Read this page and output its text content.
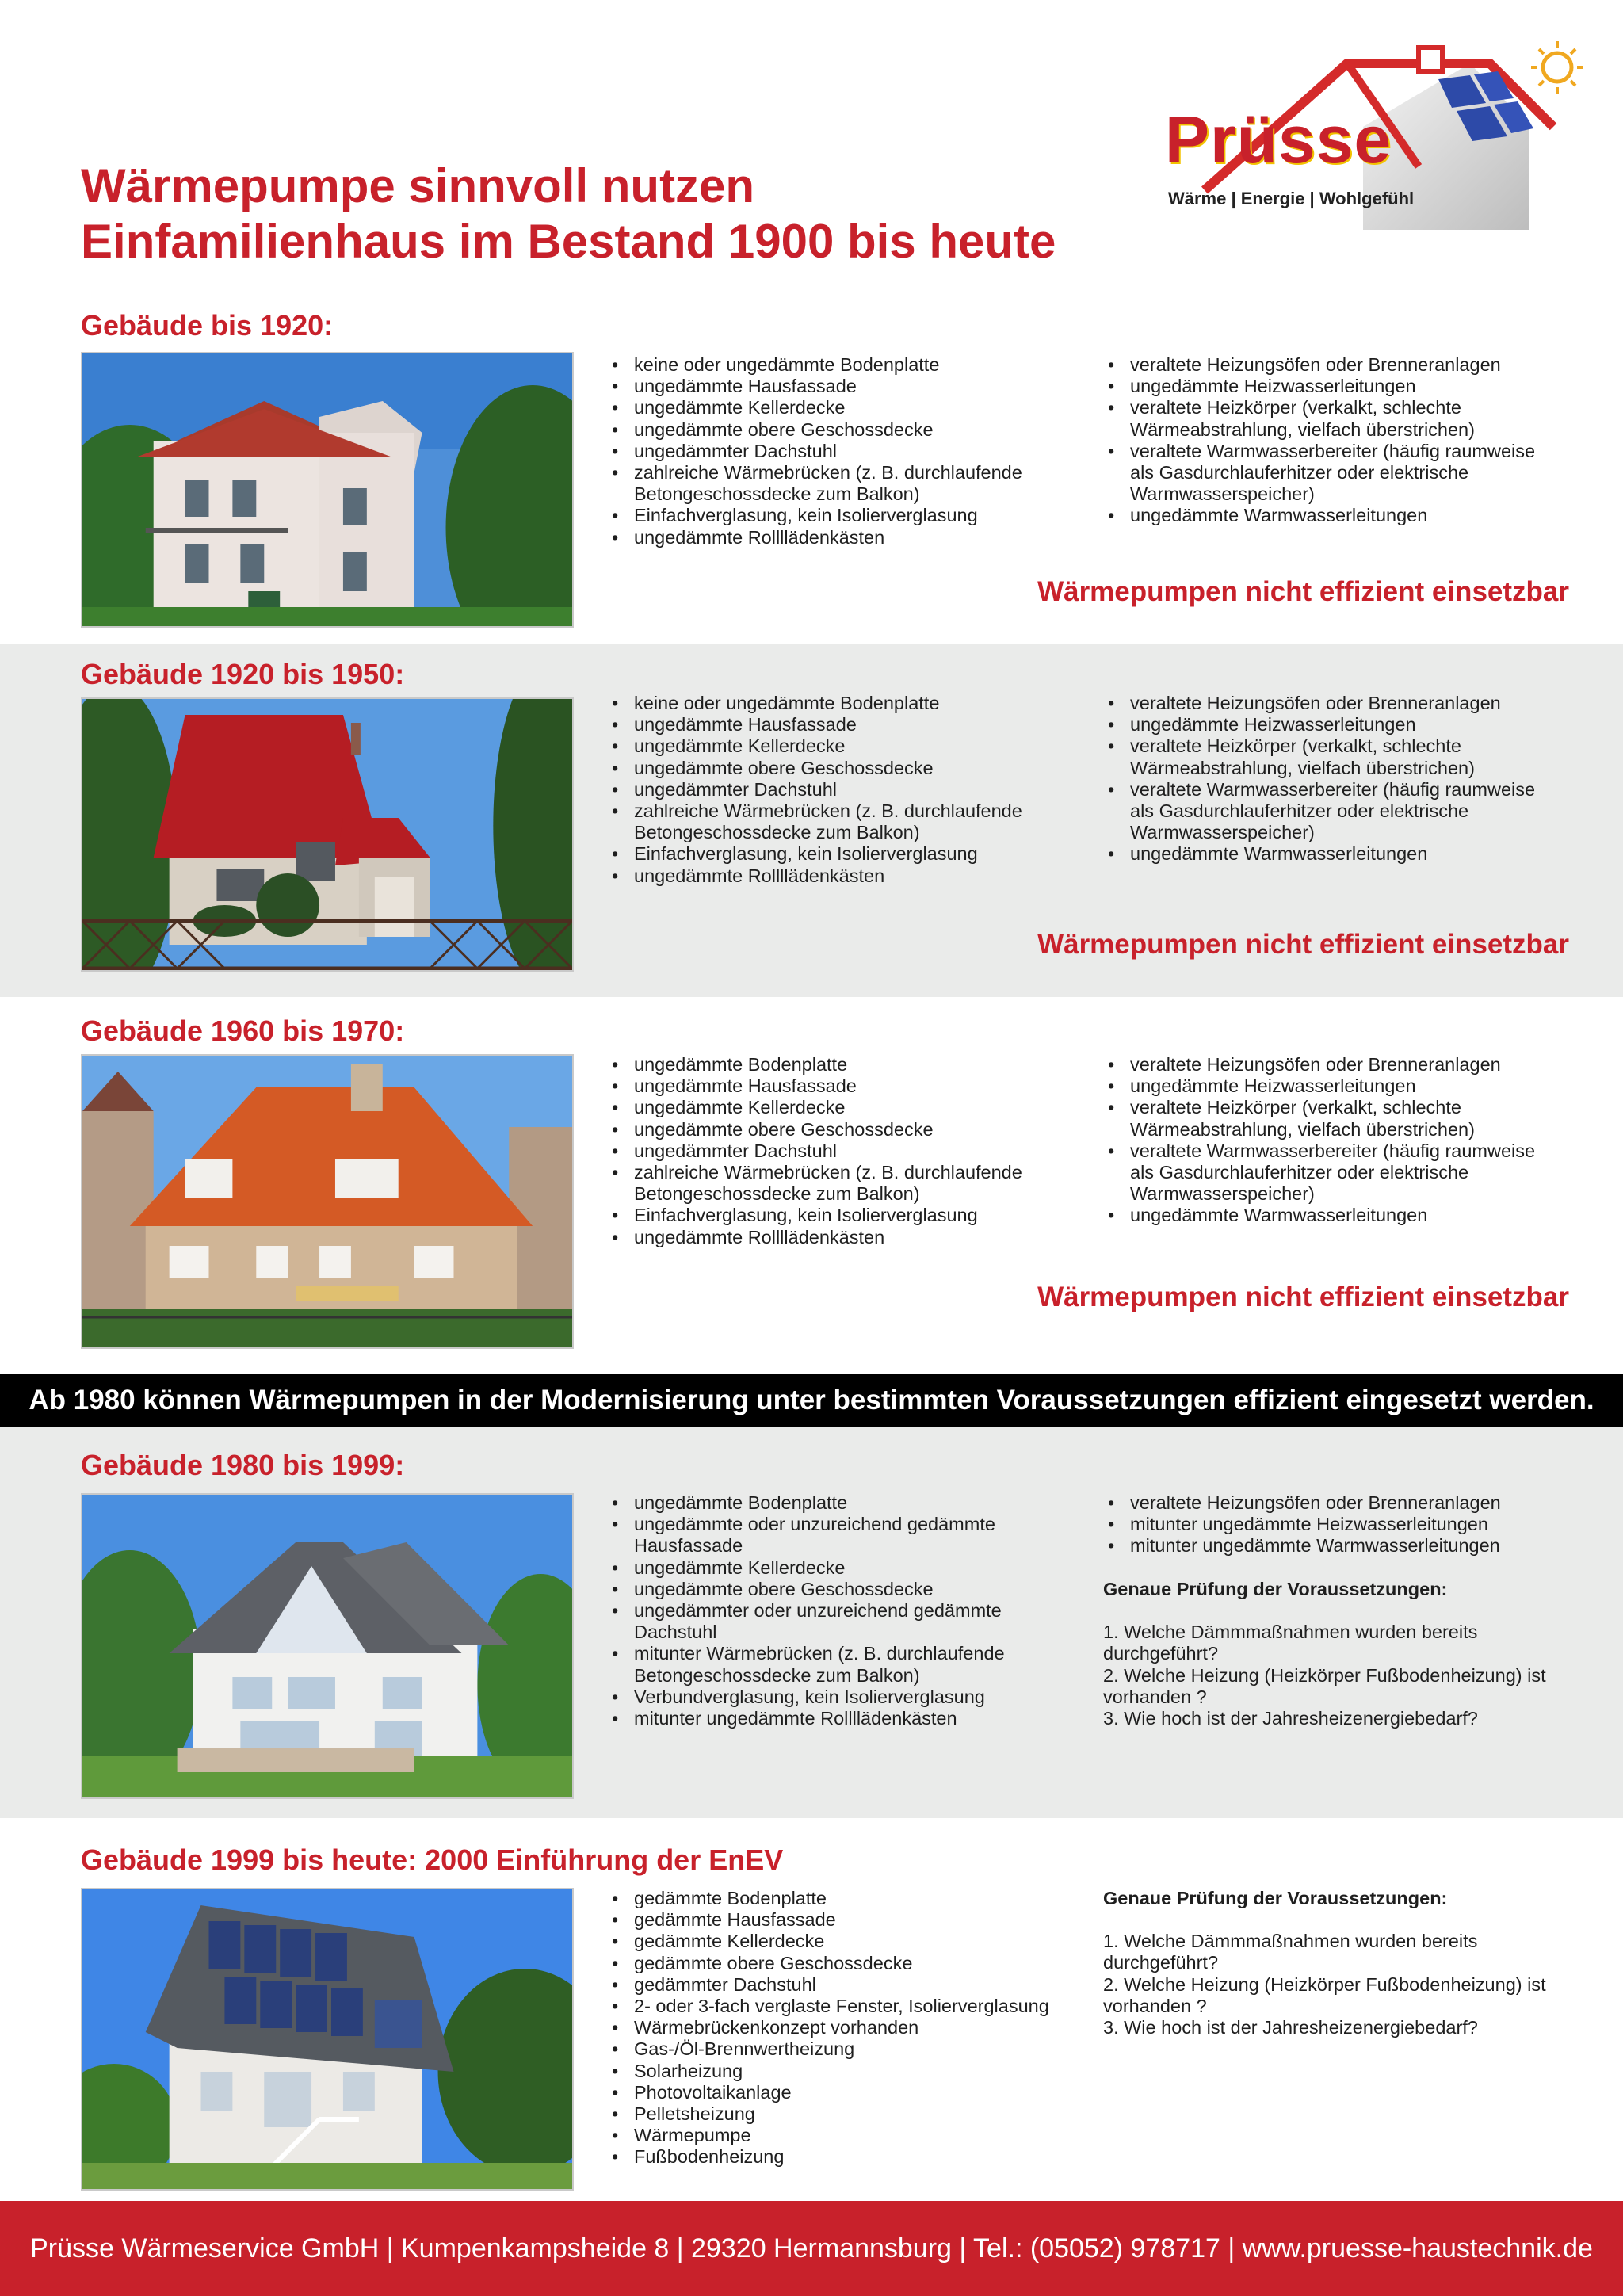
Prüsse
Wärme | Energie | Wohlgefühl
Wärmepumpe sinnvoll nutzen
Einfamilienhaus im Bestand 1900 bis heute
Gebäude bis 1920:
• keine oder ungedämmte Bodenplatte
• ungedämmte Hausfassade
• ungedämmte Kellerdecke
• ungedämmte obere Geschossdecke
• ungedämmter Dachstuhl
• zahlreiche Wärmebrücken (z. B. durchlaufende
Betongeschossdecke zum Balkon)
• Einfachverglasung, kein Isolierverglasung
• ungedämmte Rollllädenkästen
• veraltete Heizungsöfen oder Brenneranlagen
• ungedämmte Heizwasserleitungen
• veraltete Heizkörper (verkalkt, schlechte
Wärmeabstrahlung, vielfach überstrichen)
• veraltete Warmwasserbereiter (häufig raumweise
als Gasdurchlauferhitzer oder elektrische
Warmwasserspeicher)
• ungedämmte Warmwasserleitungen
Wärmepumpen nicht effizient einsetzbar
Gebäude 1920 bis 1950:
• keine oder ungedämmte Bodenplatte
• ungedämmte Hausfassade
• ungedämmte Kellerdecke
• ungedämmte obere Geschossdecke
• ungedämmter Dachstuhl
• zahlreiche Wärmebrücken (z. B. durchlaufende
Betongeschossdecke zum Balkon)
• Einfachverglasung, kein Isolierverglasung
• ungedämmte Rollllädenkästen
• veraltete Heizungsöfen oder Brenneranlagen
• ungedämmte Heizwasserleitungen
• veraltete Heizkörper (verkalkt, schlechte
Wärmeabstrahlung, vielfach überstrichen)
• veraltete Warmwasserbereiter (häufig raumweise
als Gasdurchlauferhitzer oder elektrische
Warmwasserspeicher)
• ungedämmte Warmwasserleitungen
Wärmepumpen nicht effizient einsetzbar
Gebäude 1960 bis 1970:
• ungedämmte Bodenplatte
• ungedämmte Hausfassade
• ungedämmte Kellerdecke
• ungedämmte obere Geschossdecke
• ungedämmter Dachstuhl
• zahlreiche Wärmebrücken (z. B. durchlaufende
Betongeschossdecke zum Balkon)
• Einfachverglasung, kein Isolierverglasung
• ungedämmte Rollllädenkästen
• veraltete Heizungsöfen oder Brenneranlagen
• ungedämmte Heizwasserleitungen
• veraltete Heizkörper (verkalkt, schlechte
Wärmeabstrahlung, vielfach überstrichen)
• veraltete Warmwasserbereiter (häufig raumweise
als Gasdurchlauferhitzer oder elektrische
Warmwasserspeicher)
• ungedämmte Warmwasserleitungen
Wärmepumpen nicht effizient einsetzbar
Ab 1980 können Wärmepumpen in der Modernisierung unter bestimmten Voraussetzungen effizient eingesetzt werden.
Gebäude 1980 bis 1999:
• ungedämmte Bodenplatte
• ungedämmte oder unzureichend gedämmte
Hausfassade
• ungedämmte Kellerdecke
• ungedämmte obere Geschossdecke
• ungedämmter oder unzureichend gedämmte
Dachstuhl
• mitunter Wärmebrücken (z. B. durchlaufende
Betongeschossdecke zum Balkon)
• Verbundverglasung, kein Isolierverglasung
• mitunter ungedämmte Rollllädenkästen
• veraltete Heizungsöfen oder Brenneranlagen
• mitunter ungedämmte Heizwasserleitungen
• mitunter ungedämmte Warmwasserleitungen
Genaue Prüfung der Voraussetzungen:
1. Welche Dämmmaßnahmen wurden bereits
durchgeführt?
2. Welche Heizung (Heizkörper Fußbodenheizung) ist
vorhanden ?
3. Wie hoch ist der Jahresheizenergiebedarf?
Gebäude 1999 bis heute: 2000 Einführung der EnEV
• gedämmte Bodenplatte
• gedämmte Hausfassade
• gedämmte Kellerdecke
• gedämmte obere Geschossdecke
• gedämmter Dachstuhl
• 2- oder 3-fach verglaste Fenster, Isolierverglasung
• Wärmebrückenkonzept vorhanden
• Gas-/Öl-Brennwertheizung
• Solarheizung
• Photovoltaikanlage
• Pelletsheizung
• Wärmepumpe
• Fußbodenheizung
Genaue Prüfung der Voraussetzungen:
1. Welche Dämmmaßnahmen wurden bereits
durchgeführt?
2. Welche Heizung (Heizkörper Fußbodenheizung) ist
vorhanden ?
3. Wie hoch ist der Jahresheizenergiebedarf?
Prüsse Wärmeservice GmbH | Kumpenkampsheide 8 | 29320 Hermannsburg | Tel.: (05052) 978717 | www.pruesse-haustechnik.de
